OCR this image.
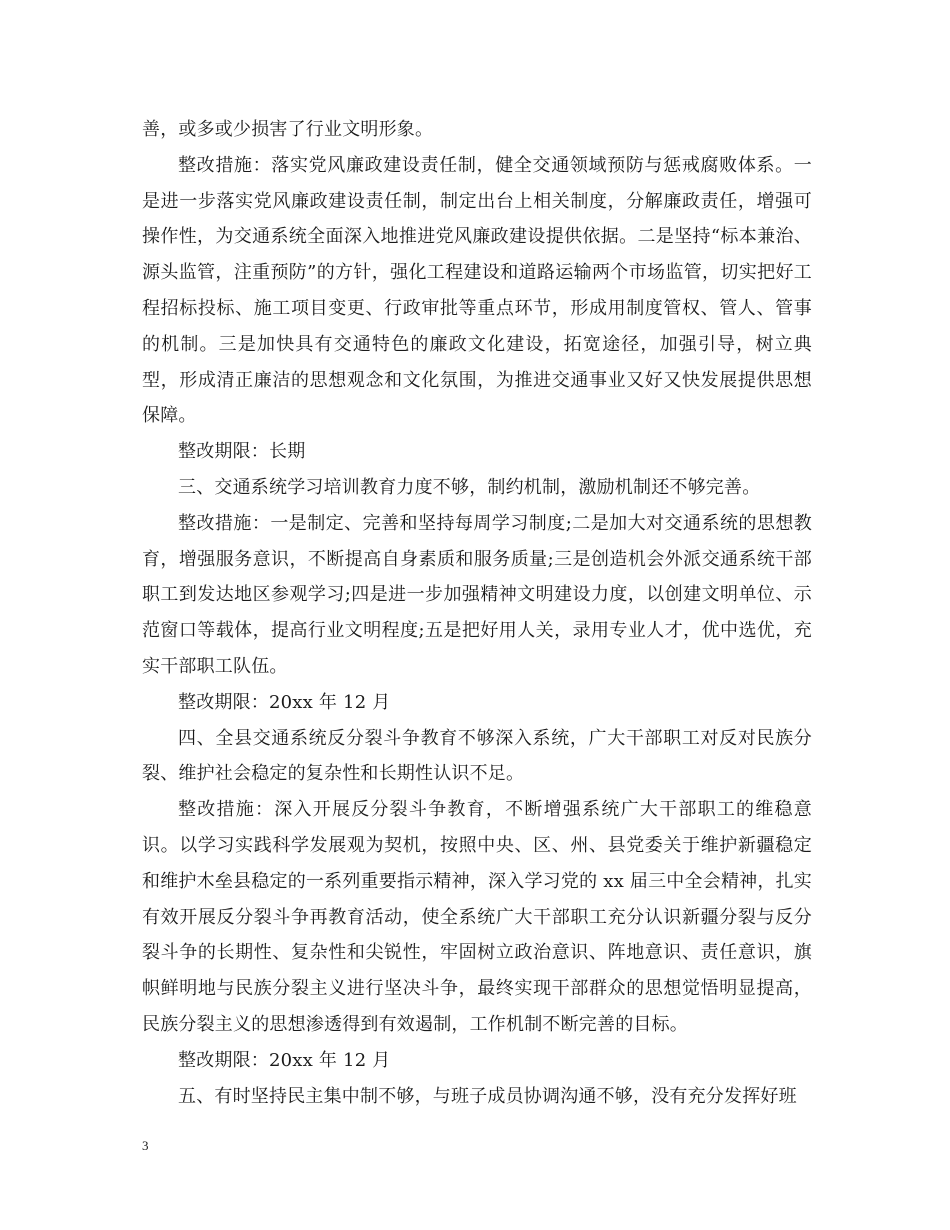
善，或多或少损害了行业文明形象。

整改措施：落实党风廉政建设责任制，健全交通领域预防与惩戒腐败体系。一是进一步落实党风廉政建设责任制，制定出台上相关制度，分解廉政责任，增强可操作性，为交通系统全面深入地推进党风廉政建设提供依据。二是坚持“标本兼治、源头监管，注重预防”的方针，强化工程建设和道路运输两个市场监管，切实把好工程招标投标、施工项目变更、行政审批等重点环节，形成用制度管权、管人、管事的机制。三是加快具有交通特色的廉政文化建设，拓宽途径，加强引导，树立典型，形成清正廉洁的思想观念和文化氛围，为推进交通事业又好又快发展提供思想保障。

整改期限：长期

三、交通系统学习培训教育力度不够，制约机制，激励机制还不够完善。

整改措施：一是制定、完善和坚持每周学习制度;二是加大对交通系统的思想教育，增强服务意识，不断提高自身素质和服务质量;三是创造机会外派交通系统干部职工到发达地区参观学习;四是进一步加强精神文明建设力度，以创建文明单位、示范窗口等载体，提高行业文明程度;五是把好用人关，录用专业人才，优中选优，充实干部职工队伍。

整改期限：20xx 年 12 月

四、全县交通系统反分裂斗争教育不够深入系统，广大干部职工对反对民族分裂、维护社会稳定的复杂性和长期性认识不足。

整改措施：深入开展反分裂斗争教育，不断增强系统广大干部职工的维稳意识。以学习实践科学发展观为契机，按照中央、区、州、县党委关于维护新疆稳定和维护木垒县稳定的一系列重要指示精神，深入学习党的 xx 届三中全会精神，扎实有效开展反分裂斗争再教育活动，使全系统广大干部职工充分认识新疆分裂与反分裂斗争的长期性、复杂性和尖锐性，牢固树立政治意识、阵地意识、责任意识，旗帜鲜明地与民族分裂主义进行坚决斗争，最终实现干部群众的思想觉悟明显提高，民族分裂主义的思想渗透得到有效遏制，工作机制不断完善的目标。

整改期限：20xx 年 12 月

五、有时坚持民主集中制不够，与班子成员协调沟通不够，没有充分发挥好班

3
